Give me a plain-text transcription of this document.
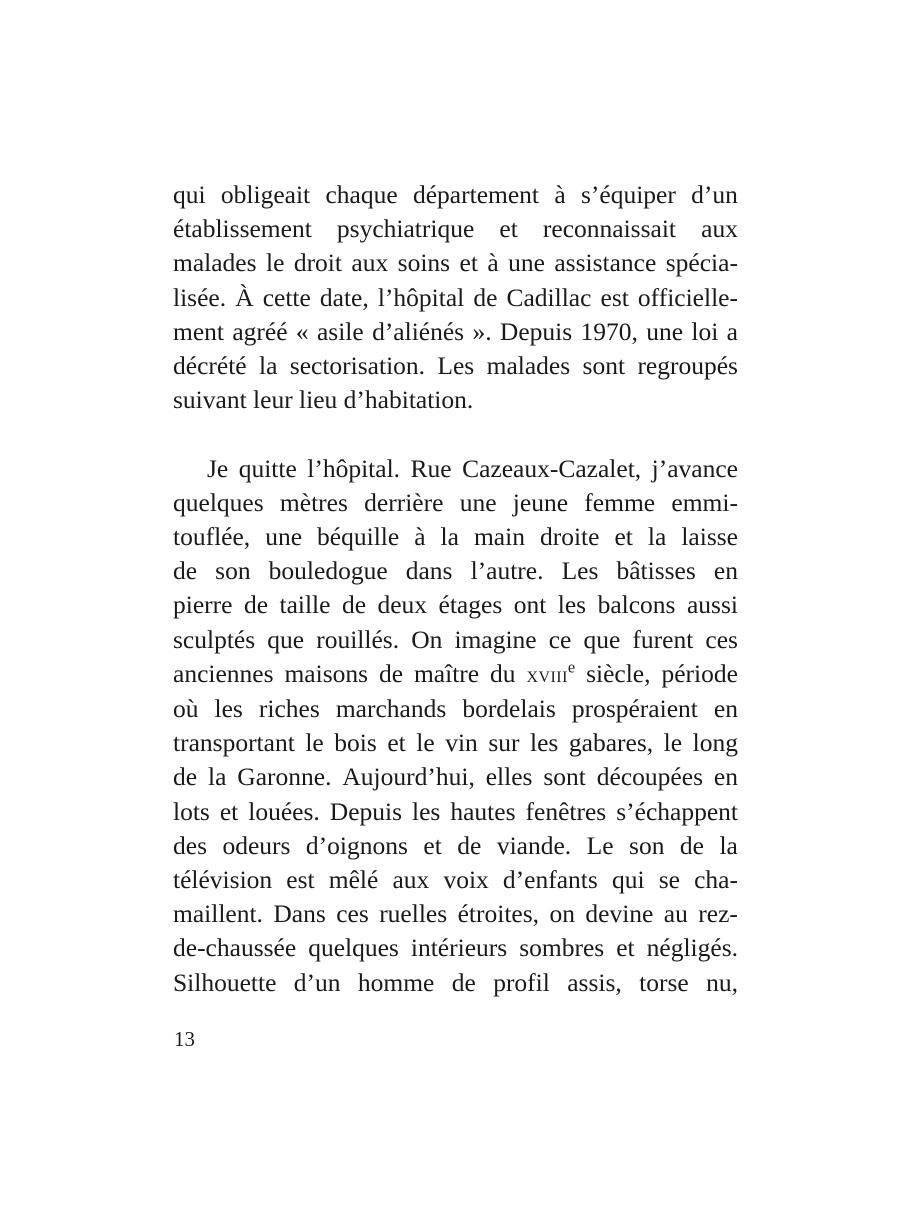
qui obligeait chaque département à s’équiper d’un
établissement psychiatrique et reconnaissait aux
malades le droit aux soins et à une assistance spécia-
lisée. À cette date, l’hôpital de Cadillac est officielle-
ment agréé « asile d’aliénés ». Depuis 1970, une loi a
décrété la sectorisation. Les malades sont regroupés
suivant leur lieu d’habitation.

Je quitte l’hôpital. Rue Cazeaux-Cazalet, j’avance
quelques mètres derrière une jeune femme emmi-
touflée, une béquille à la main droite et la laisse
de son bouledogue dans l’autre. Les bâtisses en
pierre de taille de deux étages ont les balcons aussi
sculptés que rouillés. On imagine ce que furent ces
anciennes maisons de maître du xviii$^e$ siècle, période
où les riches marchands bordelais prospéraient en
transportant le bois et le vin sur les gabares, le long
de la Garonne. Aujourd’hui, elles sont découpées en
lots et louées. Depuis les hautes fenêtres s’échappent
des odeurs d’oignons et de viande. Le son de la
télévision est mêlé aux voix d’enfants qui se cha-
maillent. Dans ces ruelles étroites, on devine au rez-
de-chaussée quelques intérieurs sombres et négligés.
Silhouette d’un homme de profil assis, torse nu,

13
